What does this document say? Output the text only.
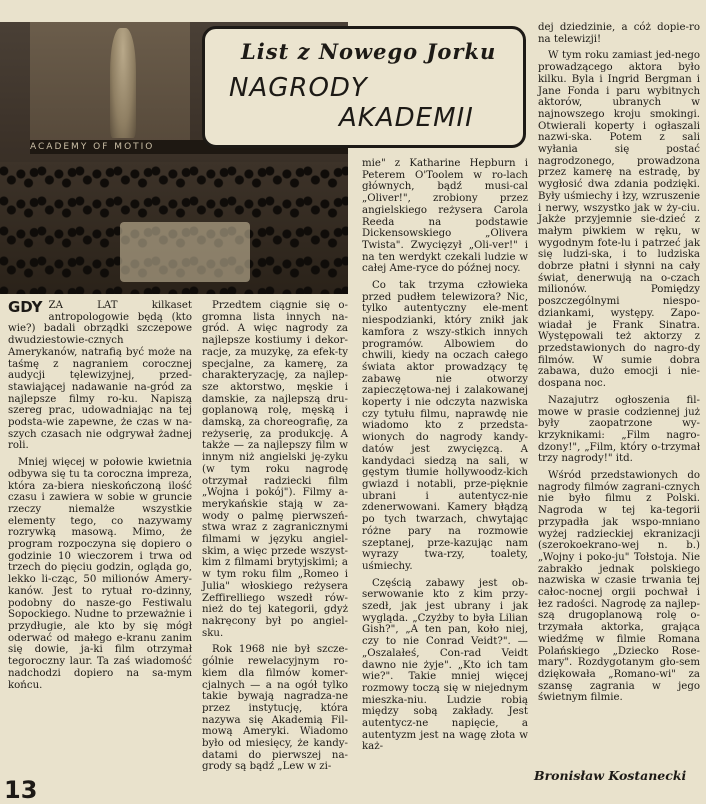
ACADEMY OF MOTIO
List z Nowego Jorku
NAGRODY
AKADEMII

GDY ZA LAT kilkaset antropologowie będą (kto wie?) badali obrządki szczepowe dwudziestowie-cznych Amerykanów, natrafią być może na taśmę z nagraniem corocznej audycji tęlewizyjnej, przed-stawiającej nadawanie na-gród za najlepsze filmy ro-ku. Napiszą szereg prac, udowadniając na tej podsta-wie zapewne, że czas w na-szych czasach nie odgrywał żadnej roli.

Mniej więcej w połowie kwietnia odbywa się tu ta coroczna impreza, która za-biera nieskończoną ilość czasu i zawiera w sobie w gruncie rzeczy niemalże wszystkie elementy tego, co nazywamy rozrywką masową. Mimo, że program rozpoczyna się dopiero o godzinie 10 wieczorem i trwa od trzech do pięciu godzin, ogląda go, lekko li-cząc, 50 milionów Amery-kanów. Jest to rytuał ro-dzinny, podobny do nasze-go Festiwalu Sopockiego. Nudne to przeważnie i przydługie, ale kto by się mógł oderwać od małego e-kranu zanim się dowie, ja-ki film otrzymał tegoroczny laur. Ta zaś wiadomość nadchodzi dopiero na sa-mym końcu.

Przedtem ciągnie się o-gromna lista innych na-gród. A więc nagrody za najlepsze kostiumy i dekor-racje, za muzykę, za efek-ty specjalne, za kamerę, za charakteryzację, za najlep-sze aktorstwo, męskie i damskie, za najlepszą dru-goplanową rolę, męską i damską, za choreografię, za reżyserię, za produkcję. A także — za najlepszy film w innym niż angielski ję-zyku (w tym roku nagrodę otrzymał radziecki film „Wojna i pokój"). Filmy a-merykańskie stają w za-wody o palmę pierwszeń-stwa wraz z zagranicznymi filmami w języku angiel-skim, a więc przede wszyst-kim z filmami brytyjskimi; a w tym roku film „Romeo i Julia" włoskiego reżysera Zeffirelliego wszedł rów-nież do tej kategorii, gdyż nakręcony był po angiel-sku.

Rok 1968 nie był szcze-gólnie rewelacyjnym ro-kiem dla filmów komer-cjalnych — a na ogół tylko takie bywają nagradza-ne przez instytucję, która nazywa się Akademią Fil-mową Ameryki. Wiadomo było od miesięcy, że kandy-datami do pierwszej na-grody są bądź „Lew w zi-

mie" z Katharine Hepburn i Peterem O'Toolem w ro-lach głównych, bądź musi-cal „Oliver!", zrobiony przez angielskiego reżysera Carola Reeda na podstawie Dickensowskiego „Olivera Twista". Zwycięzył „Oli-ver!" i na ten werdykt czekali ludzie w całej Ame-ryce do późnej nocy.

Co tak trzyma człowieka przed pudłem telewizora? Nic, tylko autentyczny ele-ment niespodzianki, który znikł jak kamfora z wszy-stkich innych programów. Albowiem do chwili, kiedy na oczach całego świata aktor prowadzący tę zabawę nie otworzy zapieczętowa-nej i zalakowanej koperty i nie odczyta nazwiska czy tytułu filmu, naprawdę nie wiadomo kto z przedsta-wionych do nagrody kandy-datów jest zwycięzcą. A kandydaci siedzą na sali, w gęstym tłumie hollywoodz-kich gwiazd i notabli, prze-pięknie ubrani i autentycz-nie zdenerwowani. Kamery błądzą po tych twarzach, chwytając różne pary na rozmowie szeptanej, prze-kazując nam wyrazy twa-rzy, toalety, uśmiechy.

Częścią zabawy jest ob-serwowanie kto z kim przy-szedł, jak jest ubrany i jak wygląda. „Czyżby to była Lilian Gish?", „A ten pan, koło niej, czy to nie Conrad Veidt?". — „Oszalałeś, Con-rad Veidt dawno nie żyje". „Kto ich tam wie?". Takie mniej więcej rozmowy toczą się w niejednym mieszka-niu. Ludzie robią między sobą zakłady. Jest autentycz-ne napięcie, a autentyzm jest na wagę złota w każ-

dej dziedzinie, a cóż dopie-ro na telewizji!

W tym roku zamiast jed-nego prowadzącego aktora było kilku. Byla i Ingrid Bergman i Jane Fonda i paru wybitnych aktorów, ubranych w najnowszego kroju smokingi. Otwierali koperty i ogłaszali nazwi-ska. Potem z sali wyłania się postać nagrodzonego, prowadzona przez kamerę na estradę, by wygłosić dwa zdania podzięki. Były uśmiechy i łzy, wzruszenie i nerwy, wszystko jak w ży-ciu. Jakże przyjemnie sie-dzieć z małym piwkiem w ręku, w wygodnym fote-lu i patrzeć jak się ludzi-ska, i to ludziska dobrze płatni i słynni na cały świat, denerwują na o-czach milionów. Pomiędzy poszczególnymi niespo-dziankami, występy. Zapo-wiadał je Frank Sinatra. Występowali też aktorzy z przedstawionych do nagro-dy filmów. W sumie dobra zabawa, dużo emocji i nie-dospana noc.

Nazajutrz ogłoszenia fil-mowe w prasie codziennej już były zaopatrzone wy-krzyknikami: „Film nagro-dzony!", „Film, który o-trzymał trzy nagrody!" itd.

Wśród przedstawionych do nagrody filmów zagrani-cznych nie było filmu z Polski. Nagroda w tej ka-tegorii przypadła jak wspo-mniano wyżej radzieckiej ekranizacji (szerokoekrano-wej n. b.) „Wojny i poko-ju" Tołstoja. Nie zabrakło jednak polskiego nazwiska w czasie trwania tej całoc-nocnej orgii pochwał i łez radości. Nagrodę za najlep-szą drugoplanową rolę o-trzymała aktorka, grająca wiedźmę w filmie Romana Polańskiego „Dziecko Rose-mary". Rozdygotanym gło-sem dziękowała „Romano-wi" za szansę zagrania w jego świetnym filmie.

Bronisław Kostanecki
13
